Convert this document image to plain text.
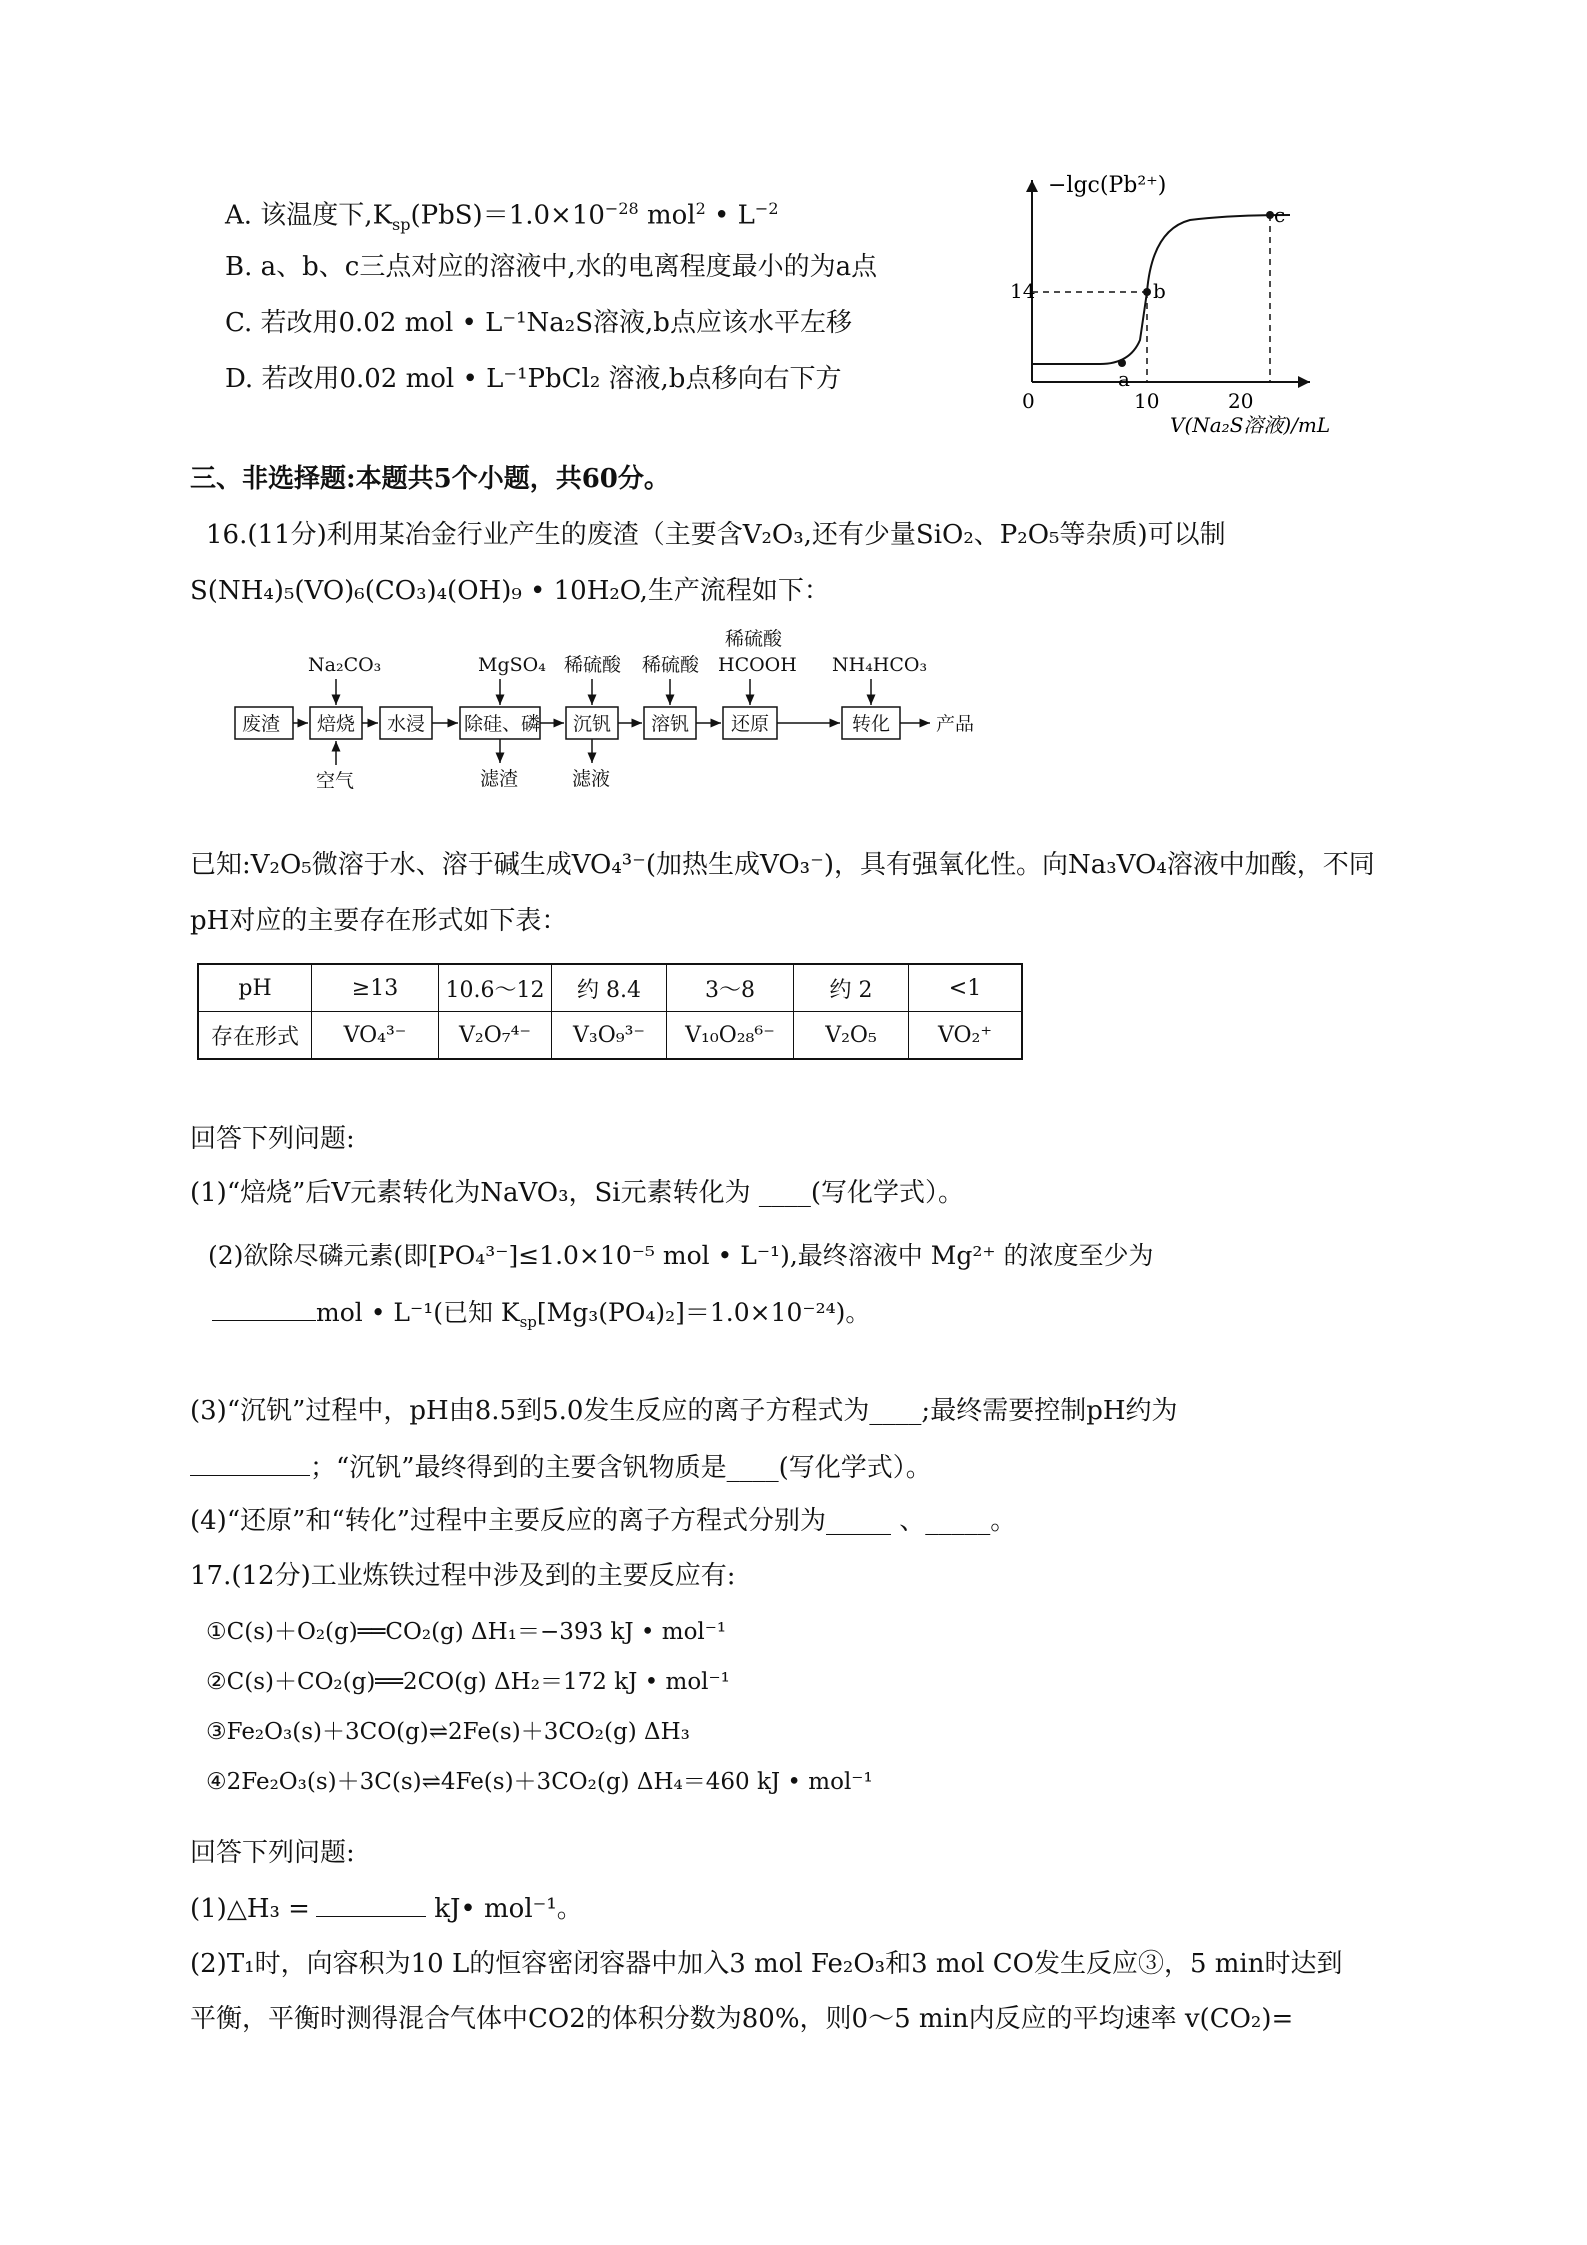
A. 该温度下$,K_{sp}(PbS)=1.0\times 10^{-28}$ mol$^2$ • $L^{-2}$
B. a、b、c三点对应的溶液中,水的电离程度最小的为a点
C. 若改用0.02 mol • L⁻¹Na₂S溶液,b点应该水平左移
D. 若改用0.02 mol • L⁻¹PbCl₂ 溶液,b点移向右下方
−lgc(Pb²⁺)
V(Na₂S溶液)/mL
14
0	10	20
a
b
c
三、非选择题:本题共5个小题，共60分。
16.(11分)利用某冶金行业产生的废渣（主要含V₂O₃,还有少量SiO₂、P₂O₅等杂质)可以制
S(NH₄)₅(VO)₆(CO₃)₄(OH)₉ • 10H₂O,生产流程如下：
废渣 焙烧 水浸 除硅、磷 沉钒 溶钒 还原	转化 产品
Na₂CO₃	MgSO₄ 稀硫酸 稀硫酸
稀硫酸
HCOOH NH₄HCO₃
空气	滤渣	滤液
已知:V₂O₅微溶于水、溶于碱生成VO₄³⁻(加热生成VO₃⁻)，具有强氧化性。向Na₃VO₄溶液中加酸，不同
pH对应的主要存在形式如下表：
pH	≥13	10.6～12	约 8.4	3～8	约 2	<1
存在形式	VO₄³⁻	V₂O₇⁴⁻	V₃O₉³⁻	V₁₀O₂₈⁶⁻	V₂O₅	VO₂⁺
回答下列问题:
(1)“焙烧”后V元素转化为NaVO₃，Si元素转化为 ____(写化学式）。
(2)欲除尽磷元素(即[PO₄³⁻]≤1.0×10⁻⁵ mol • L⁻¹),最终溶液中 Mg²⁺ 的浓度至少为
mol • L⁻¹(已知 $K_{sp}[Mg_3(PO_4)_2]=1.0\times 10^{-24}$)。
(3)“沉钒”过程中，pH由8.5到5.0发生反应的离子方程式为____;最终需要控制pH约为
；“沉钒”最终得到的主要含钒物质是____(写化学式）。
(4)“还原”和“转化”过程中主要反应的离子方程式分别为_____ 、_____。
17.(12分)工业炼铁过程中涉及到的主要反应有:
①C(s)＋O₂(g)══CO₂(g) ΔH₁＝−393 kJ • mol⁻¹
②C(s)＋CO₂(g)══2CO(g) ΔH₂＝172 kJ • mol⁻¹
③Fe₂O₃(s)＋3CO(g)⇌2Fe(s)＋3CO₂(g) ΔH₃
④2Fe₂O₃(s)＋3C(s)⇌4Fe(s)＋3CO₂(g) ΔH₄＝460 kJ • mol⁻¹
回答下列问题:
(1)△H₃ =	kJ• mol⁻¹。
(2)T₁时，向容积为10 L的恒容密闭容器中加入3 mol Fe₂O₃和3 mol CO发生反应③，5 min时达到
平衡，平衡时测得混合气体中CO2的体积分数为80%，则0～5 min内反应的平均速率 v(CO₂)=
